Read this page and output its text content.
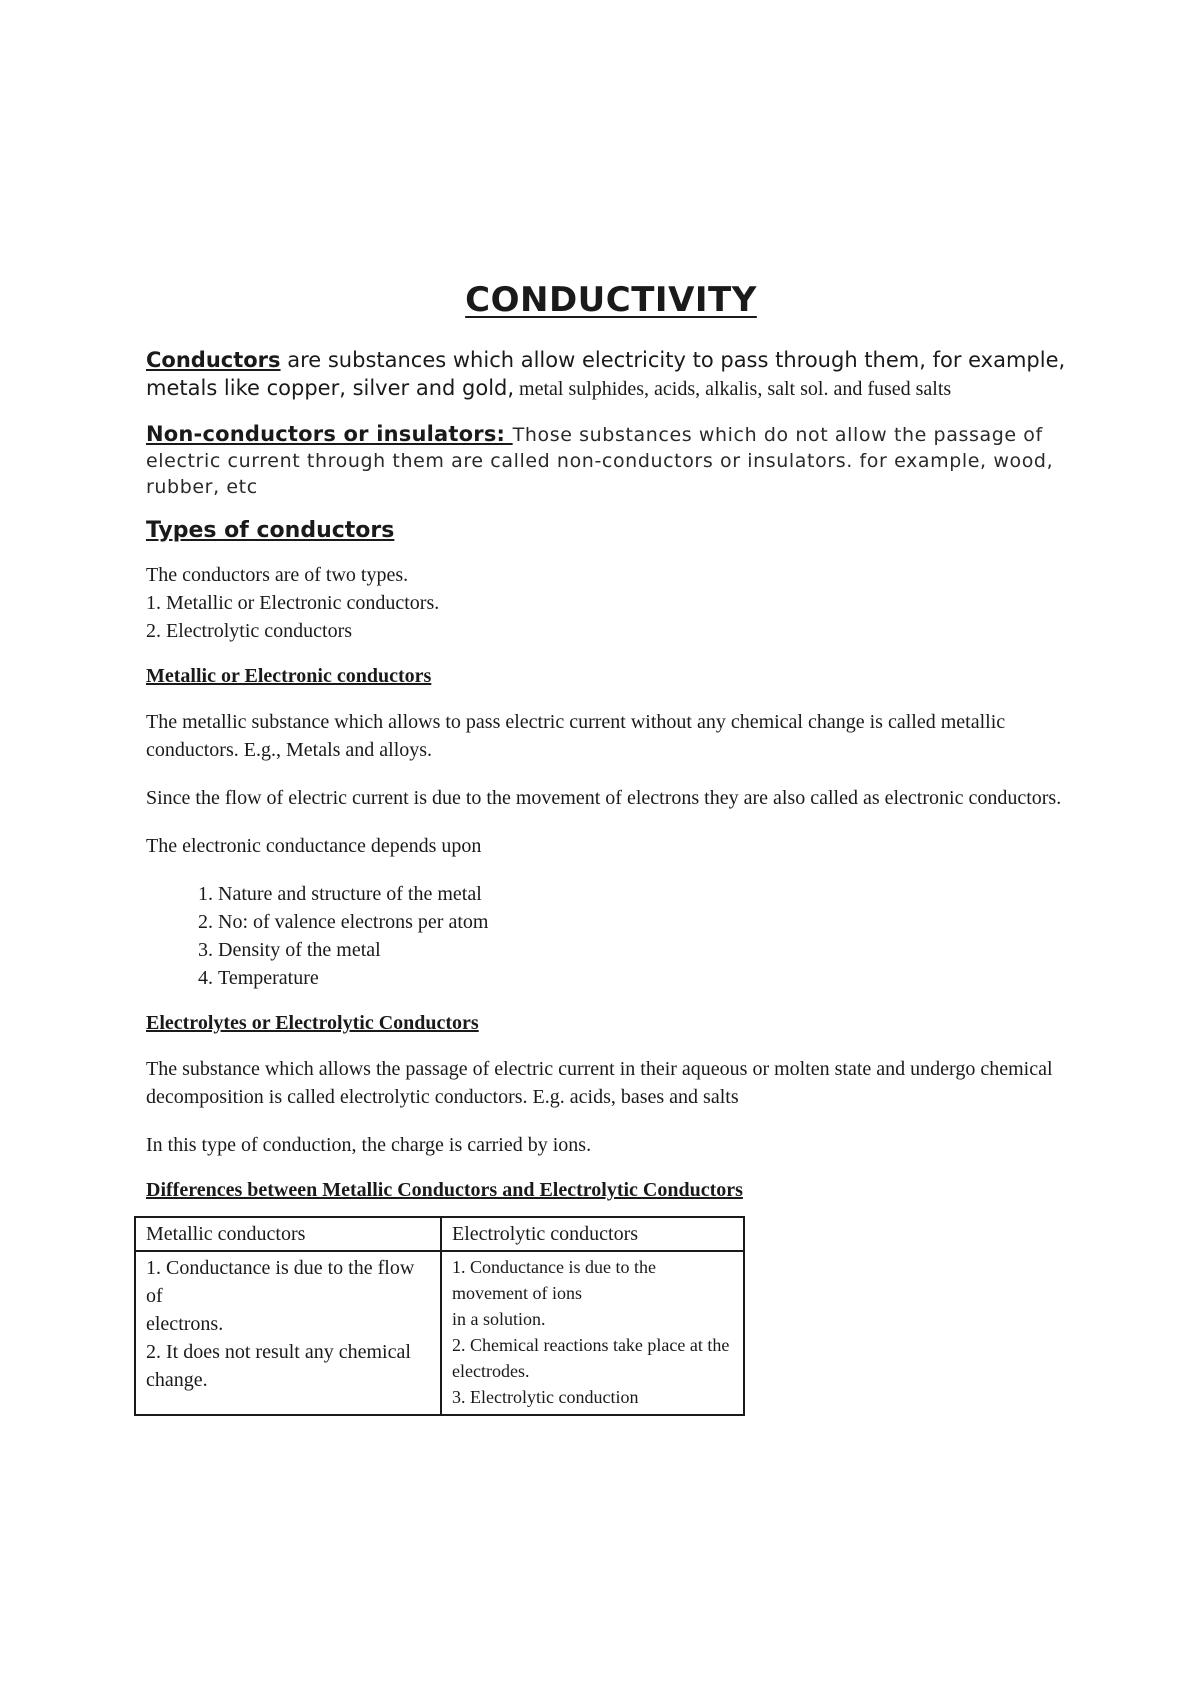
CONDUCTIVITY

Conductors are substances which allow electricity to pass through them, for example, metals like copper, silver and gold, metal sulphides, acids, alkalis, salt sol. and fused salts

Non-conductors or insulators: Those substances which do not allow the passage of electric current through them are called non-conductors or insulators. for example, wood, rubber, etc

Types of conductors
The conductors are of two types.
1. Metallic or Electronic conductors.
2. Electrolytic conductors
Metallic or Electronic conductors

The metallic substance which allows to pass electric current without any chemical change is called metallic conductors. E.g., Metals and alloys.

Since the flow of electric current is due to the movement of electrons they are also called as electronic conductors.

The electronic conductance depends upon

1. Nature and structure of the metal
2. No: of valence electrons per atom
3. Density of the metal
4. Temperature
Electrolytes or Electrolytic Conductors

The substance which allows the passage of electric current in their aqueous or molten state and undergo chemical decomposition is called electrolytic conductors. E.g. acids, bases and salts

In this type of conduction, the charge is carried by ions.

Differences between Metallic Conductors and Electrolytic Conductors
Metallic conductors	Electrolytic conductors

1. Conductance is due to the flow of
electrons.
2. It does not result any chemical
change.	1. Conductance is due to the movement of ions
in a solution.
2. Chemical reactions take place at the
electrodes.
3. Electrolytic conduction
